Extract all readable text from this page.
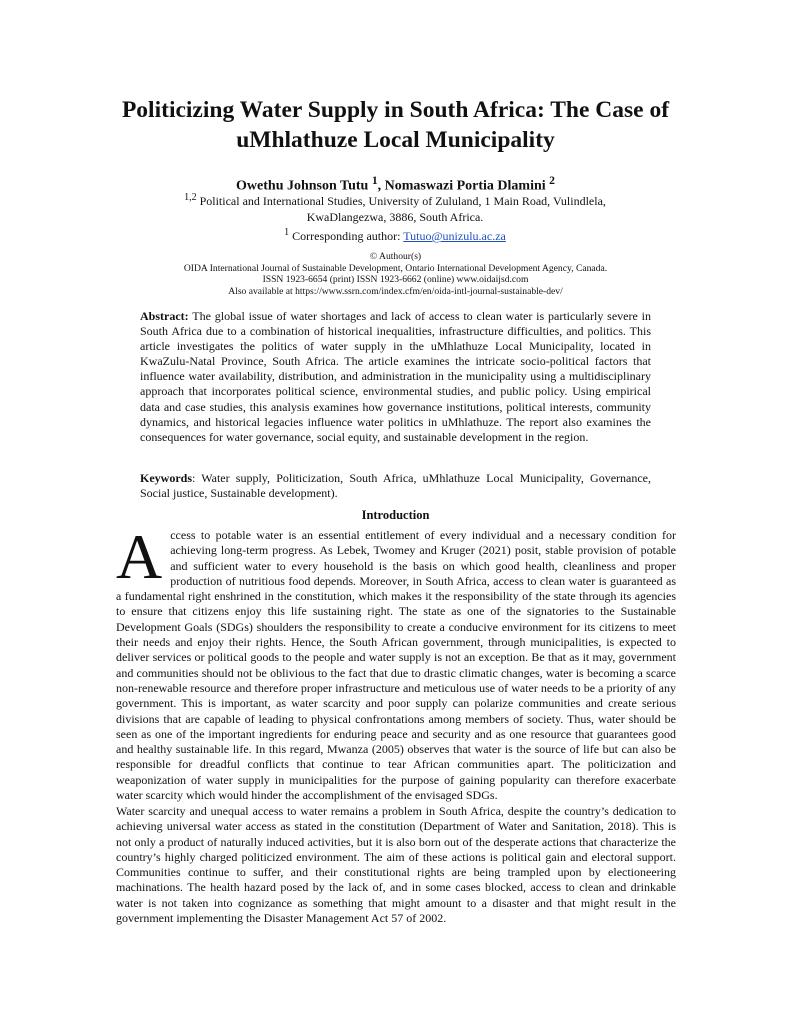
Politicizing Water Supply in South Africa: The Case of uMhlathuze Local Municipality
Owethu Johnson Tutu $^1$, Nomaswazi Portia Dlamini $^2$
$^{1,2}$ Political and International Studies, University of Zululand, 1 Main Road, Vulindlela, KwaDlangezwa, 3886, South Africa.
$^1$ Corresponding author: Tutuo@unizulu.ac.za
© Authour(s)
OIDA International Journal of Sustainable Development, Ontario International Development Agency, Canada.
ISSN 1923-6654 (print) ISSN 1923-6662 (online) www.oidaijsd.com
Also available at https://www.ssrn.com/index.cfm/en/oida-intl-journal-sustainable-dev/

Abstract: The global issue of water shortages and lack of access to clean water is particularly severe in South Africa due to a combination of historical inequalities, infrastructure difficulties, and politics. This article investigates the politics of water supply in the uMhlathuze Local Municipality, located in KwaZulu-Natal Province, South Africa. The article examines the intricate socio-political factors that influence water availability, distribution, and administration in the municipality using a multidisciplinary approach that incorporates political science, environmental studies, and public policy. Using empirical data and case studies, this analysis examines how governance institutions, political interests, community dynamics, and historical legacies influence water politics in uMhlathuze. The report also examines the consequences for water governance, social equity, and sustainable development in the region.

Keywords: Water supply, Politicization, South Africa, uMhlathuze Local Municipality, Governance, Social justice, Sustainable development).

Introduction

Access to potable water is an essential entitlement of every individual and a necessary condition for achieving long-term progress. As Lebek, Twomey and Kruger (2021) posit, stable provision of potable and sufficient water to every household is the basis on which good health, cleanliness and proper production of nutritious food depends. Moreover, in South Africa, access to clean water is guaranteed as a fundamental right enshrined in the constitution, which makes it the responsibility of the state through its agencies to ensure that citizens enjoy this life sustaining right. The state as one of the signatories to the Sustainable Development Goals (SDGs) shoulders the responsibility to create a conducive environment for its citizens to meet their needs and enjoy their rights. Hence, the South African government, through municipalities, is expected to deliver services or political goods to the people and water supply is not an exception. Be that as it may, government and communities should not be oblivious to the fact that due to drastic climatic changes, water is becoming a scarce non-renewable resource and therefore proper infrastructure and meticulous use of water needs to be a priority of any government. This is important, as water scarcity and poor supply can polarize communities and create serious divisions that are capable of leading to physical confrontations among members of society. Thus, water should be seen as one of the important ingredients for enduring peace and security and as one resource that guarantees good and healthy sustainable life. In this regard, Mwanza (2005) observes that water is the source of life but can also be responsible for dreadful conflicts that continue to tear African communities apart. The politicization and weaponization of water supply in municipalities for the purpose of gaining popularity can therefore exacerbate water scarcity which would hinder the accomplishment of the envisaged SDGs.

Water scarcity and unequal access to water remains a problem in South Africa, despite the country’s dedication to achieving universal water access as stated in the constitution (Department of Water and Sanitation, 2018). This is not only a product of naturally induced activities, but it is also born out of the desperate actions that characterize the country’s highly charged politicized environment. The aim of these actions is political gain and electoral support. Communities continue to suffer, and their constitutional rights are being trampled upon by electioneering machinations. The health hazard posed by the lack of, and in some cases blocked, access to clean and drinkable water is not taken into cognizance as something that might amount to a disaster and that might result in the government implementing the Disaster Management Act 57 of 2002.
